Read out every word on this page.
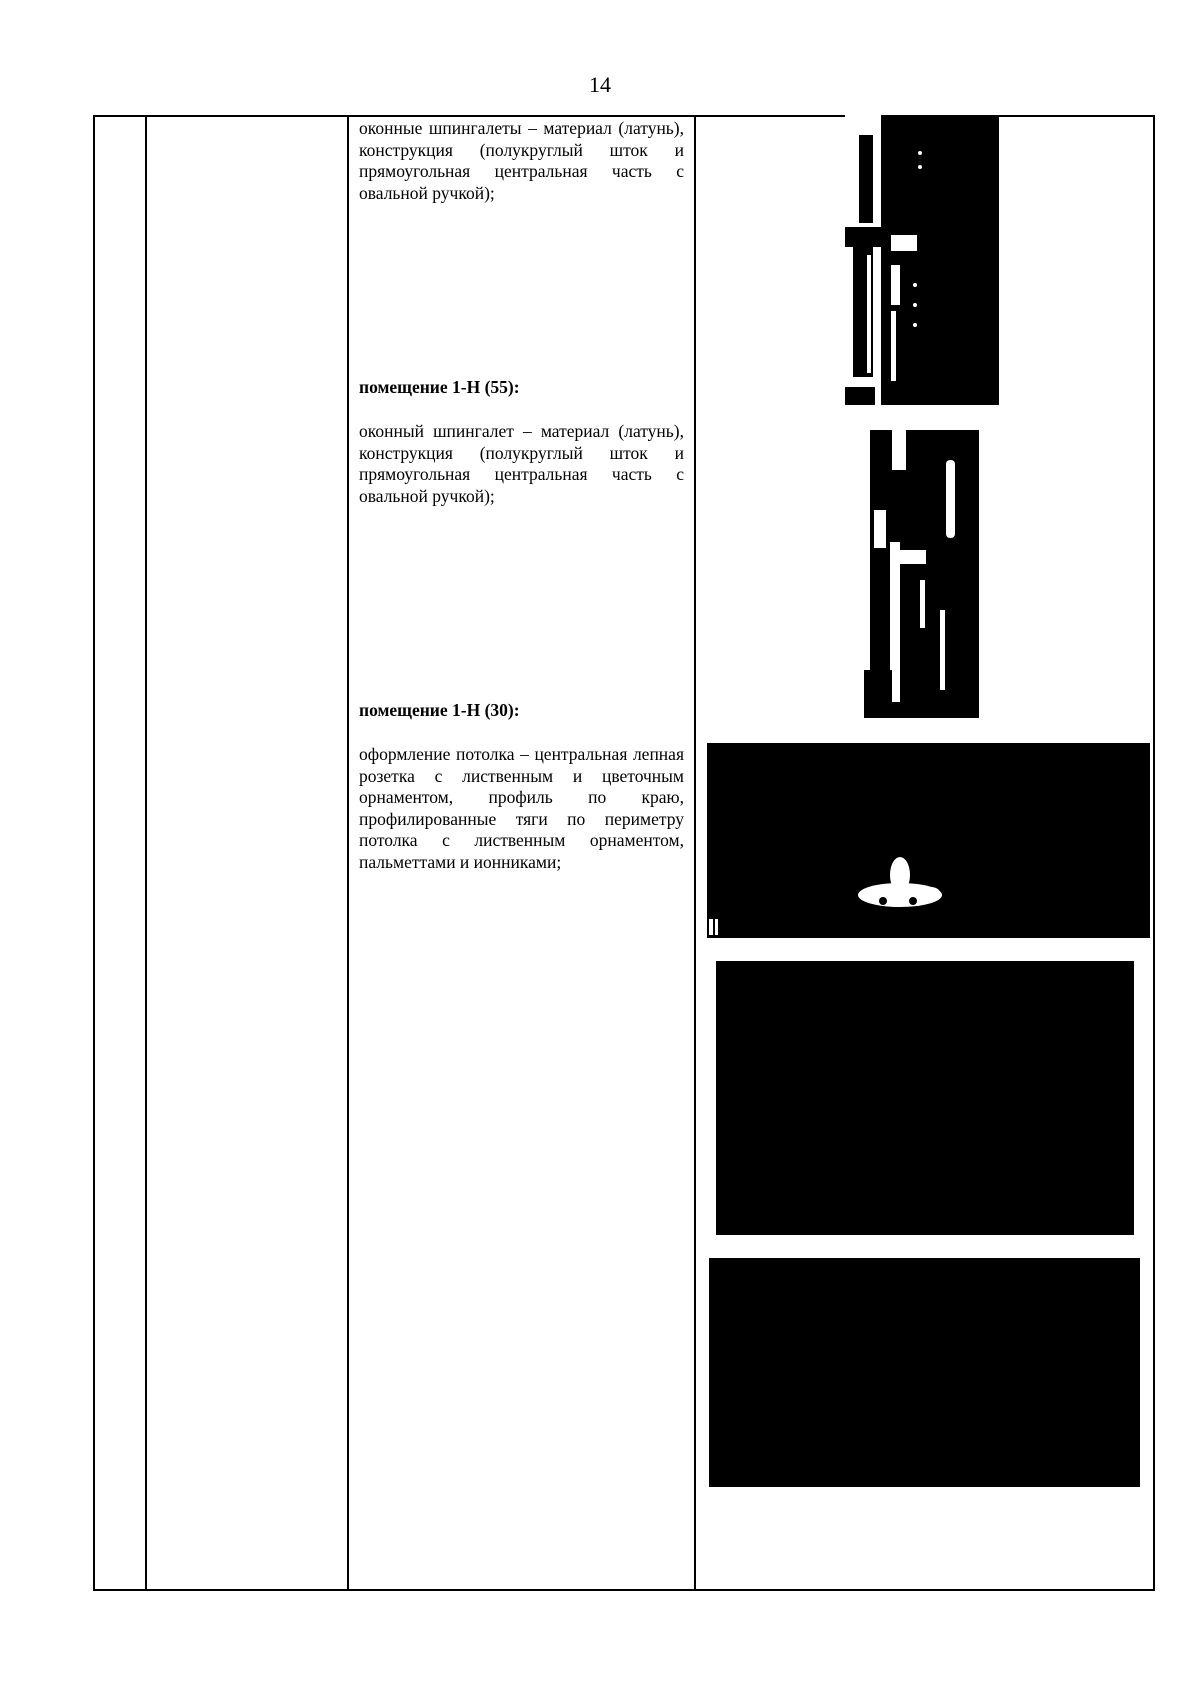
14
оконные шпингалеты – материал (латунь), конструкция (полукруглый шток и прямоугольная центральная часть с овальной ручкой);
помещение 1-Н (55):
оконный шпингалет – материал (латунь), конструкция (полукруглый шток и прямоугольная центральная часть с овальной ручкой);
помещение 1-Н (30):
оформление потолка – центральная лепная розетка с лиственным и цветочным орнаментом, профиль по краю, профилированные тяги по периметру потолка с лиственным орнаментом, пальметтами и ионниками;
